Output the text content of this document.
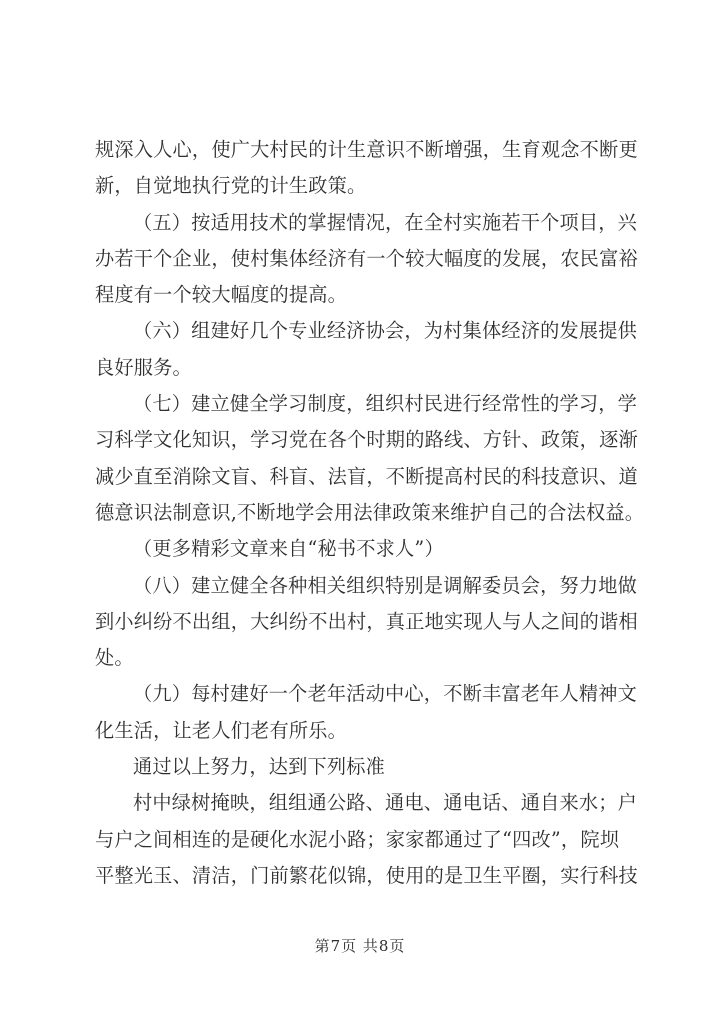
规深入人心，使广大村民的计生意识不断增强，生育观念不断更
新，自觉地执行党的计生政策。
（五）按适用技术的掌握情况，在全村实施若干个项目，兴
办若干个企业，使村集体经济有一个较大幅度的发展，农民富裕
程度有一个较大幅度的提高。
（六）组建好几个专业经济协会，为村集体经济的发展提供
良好服务。
（七）建立健全学习制度，组织村民进行经常性的学习，学
习科学文化知识，学习党在各个时期的路线、方针、政策，逐渐
减少直至消除文盲、科盲、法盲，不断提高村民的科技意识、道
德意识法制意识,不断地学会用法律政策来维护自己的合法权益。
（更多精彩文章来自“秘书不求人”）
（八）建立健全各种相关组织特别是调解委员会，努力地做
到小纠纷不出组，大纠纷不出村，真正地实现人与人之间的谐相
处。
（九）每村建好一个老年活动中心，不断丰富老年人精神文
化生活，让老人们老有所乐。
通过以上努力，达到下列标准
村中绿树掩映，组组通公路、通电、通电话、通自来水；户
与户之间相连的是硬化水泥小路；家家都通过了“四改”，院坝
平整光玉、清洁，门前繁花似锦，使用的是卫生平圈，实行科技
第7页 共8页
